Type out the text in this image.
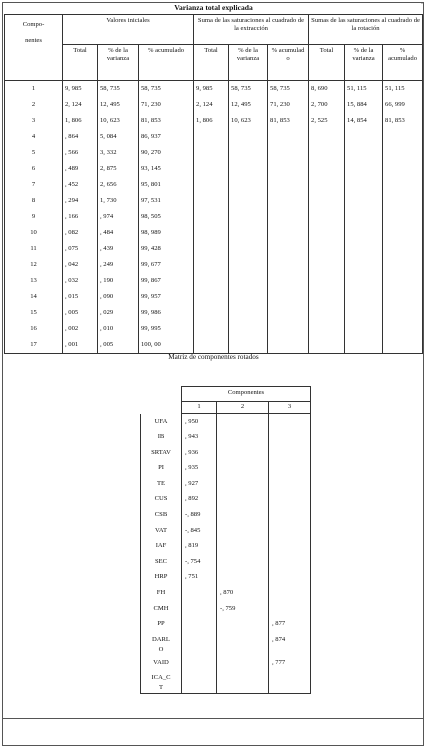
-
Varianza total explicada
Compo-

nentes	Valores iniciales			Suma de las saturaciones al cuadrado de la extracción			Sumas de las saturaciones al cuadrado de la rotación		
	Total	% de la varianza	% acumulado	Total	% de la varianza	% acumulad o	Total	% de la varianza	% acumulado
1	9, 985	58, 735	58, 735	9, 985	58, 735	58, 735	8, 690	51, 115	51, 115
2	2, 124	12, 495	71, 230	2, 124	12, 495	71, 230	2, 700	15, 884	66, 999
3	1, 806	10, 623	81, 853	1, 806	10, 623	81, 853	2, 525	14, 854	81, 853
4	, 864	5, 084	86, 937						
5	, 566	3, 332	90, 270						
6	, 489	2, 875	93, 145						
7	, 452	2, 656	95, 801						
8	, 294	1, 730	97, 531						
9	, 166	, 974	98, 505						
10	, 082	, 484	98, 989						
11	, 075	, 439	99, 428						
12	, 042	, 249	99, 677						
13	, 032	, 190	99, 867						
14	, 015	, 090	99, 957						
15	, 005	, 029	99, 986						
16	, 002	, 010	99, 995						
17	, 001	, 005	100, 00						
Matriz de componentes rotados
	Componentes		
	1	2	3
UFA	, 950		
IB	, 943		
SRTAV	, 936		
PI	, 935		
TE	, 927		
CUS	, 892		
CSB	-, 889		
VAT	-, 845		
IAF	, 819		
SEC	-, 754		
HRP	, 751		
FH		, 870	
CMH		-, 759	
PP			, 877
DARL
O			, 874
VAID			, 777
ICA_C
T			
